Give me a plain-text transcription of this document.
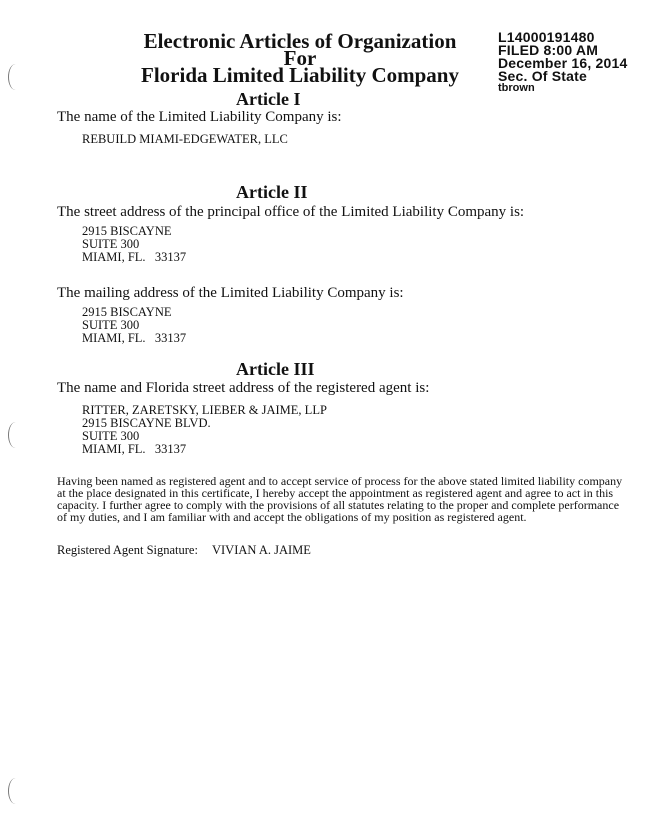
Electronic Articles of Organization
For
Florida Limited Liability Company
L14000191480
FILED 8:00 AM
December 16, 2014
Sec. Of State
tbrown
Article I
The name of the Limited Liability Company is:
REBUILD MIAMI-EDGEWATER, LLC
Article II
The street address of the principal office of the Limited Liability Company is:
2915 BISCAYNE
SUITE 300
MIAMI, FL.   33137
The mailing address of the Limited Liability Company is:
2915 BISCAYNE
SUITE 300
MIAMI, FL.   33137
Article III
The name and Florida street address of the registered agent is:
RITTER, ZARETSKY, LIEBER & JAIME, LLP
2915 BISCAYNE BLVD.
SUITE 300
MIAMI, FL.   33137
Having been named as registered agent and to accept service of process for the above stated limited liability company at the place designated in this certificate, I hereby accept the appointment as registered agent and agree to act in this capacity. I further agree to comply with the provisions of all statutes relating to the proper and complete performance of my duties, and I am familiar with and accept the obligations of my position as registered agent.
Registered Agent Signature: VIVIAN A. JAIME
